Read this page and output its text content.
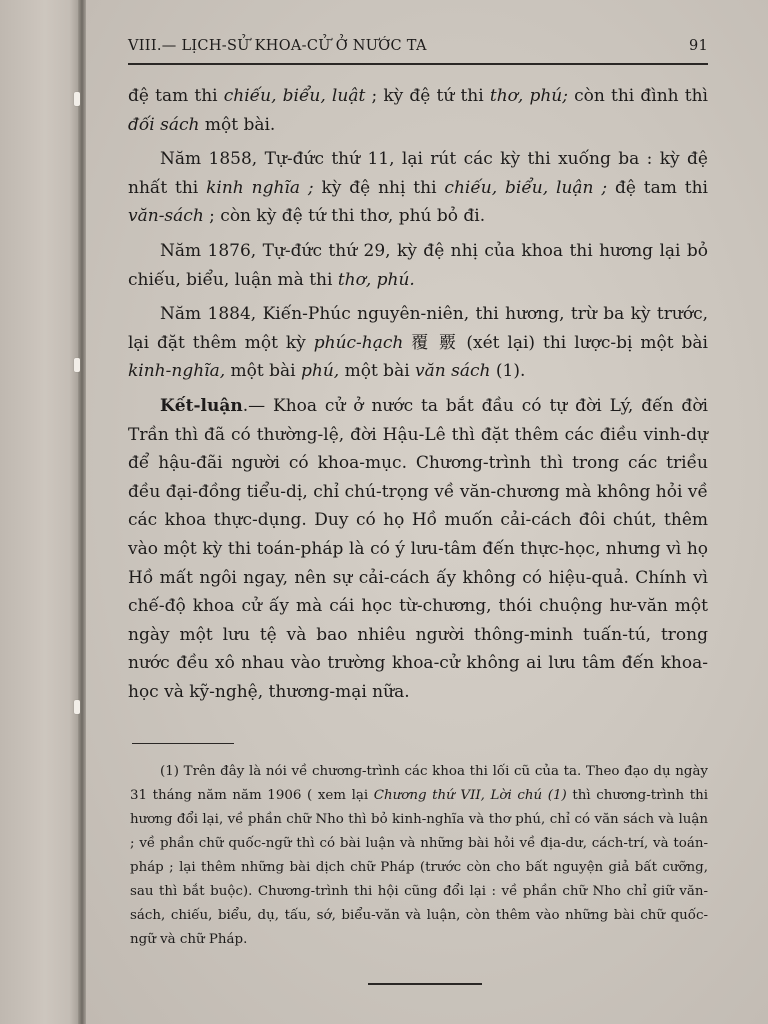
VIII.— LỊCH-SỬ KHOA-CỬ Ở NƯỚC TA	91

đệ tam thi chiếu, biểu, luật ; kỳ đệ tứ thi thơ, phú; còn thi đình thì đối sách một bài.

Năm 1858, Tự-đức thứ 11, lại rút các kỳ thi xuống ba : kỳ đệ nhất thi kinh nghĩa ; kỳ đệ nhị thi chiếu, biểu, luận ; đệ tam thi văn-sách ; còn kỳ đệ tứ thi thơ, phú bỏ đi.

Năm 1876, Tự-đức thứ 29, kỳ đệ nhị của khoa thi hương lại bỏ chiếu, biểu, luận mà thi thơ, phú.

Năm 1884, Kiến-Phúc nguyên-niên, thi hương, trừ ba kỳ trước, lại đặt thêm một kỳ phúc-hạch 覆 覈 (xét lại) thi lược-bị một bài kinh-nghĩa, một bài phú, một bài văn sách (1).

Kết-luận.— Khoa cử ở nước ta bắt đầu có tự đời Lý, đến đời Trần thì đã có thường-lệ, đời Hậu-Lê thì đặt thêm các điều vinh-dự để hậu-đãi người có khoa-mục. Chương-trình thì trong các triều đều đại-đồng tiểu-dị, chỉ chú-trọng về văn-chương mà không hỏi về các khoa thực-dụng. Duy có họ Hồ muốn cải-cách đôi chút, thêm vào một kỳ thi toán-pháp là có ý lưu-tâm đến thực-học, nhưng vì họ Hồ mất ngôi ngay, nên sự cải-cách ấy không có hiệu-quả. Chính vì chế-độ khoa cử ấy mà cái học từ-chương, thói chuộng hư-văn một ngày một lưu tệ và bao nhiêu người thông-minh tuấn-tú, trong nước đều xô nhau vào trường khoa-cử không ai lưu tâm đến khoa-học và kỹ-nghệ, thương-mại nữa.

(1) Trên đây là nói về chương-trình các khoa thi lối cũ của ta. Theo đạo dụ ngày 31 tháng năm năm 1906 ( xem lại Chương thứ VII, Lời chú (1) thì chương-trình thi hương đổi lại, về phần chữ Nho thì bỏ kinh-nghĩa và thơ phú, chỉ có văn sách và luận ; về phần chữ quốc-ngữ thì có bài luận và những bài hỏi về địa-dư, cách-trí, và toán-pháp ; lại thêm những bài dịch chữ Pháp (trước còn cho bất nguyện giả bất cưỡng, sau thì bắt buộc). Chương-trình thi hội cũng đổi lại : về phần chữ Nho chỉ giữ văn-sách, chiếu, biểu, dụ, tấu, sớ, biểu-văn và luận, còn thêm vào những bài chữ quốc-ngữ và chữ Pháp.
